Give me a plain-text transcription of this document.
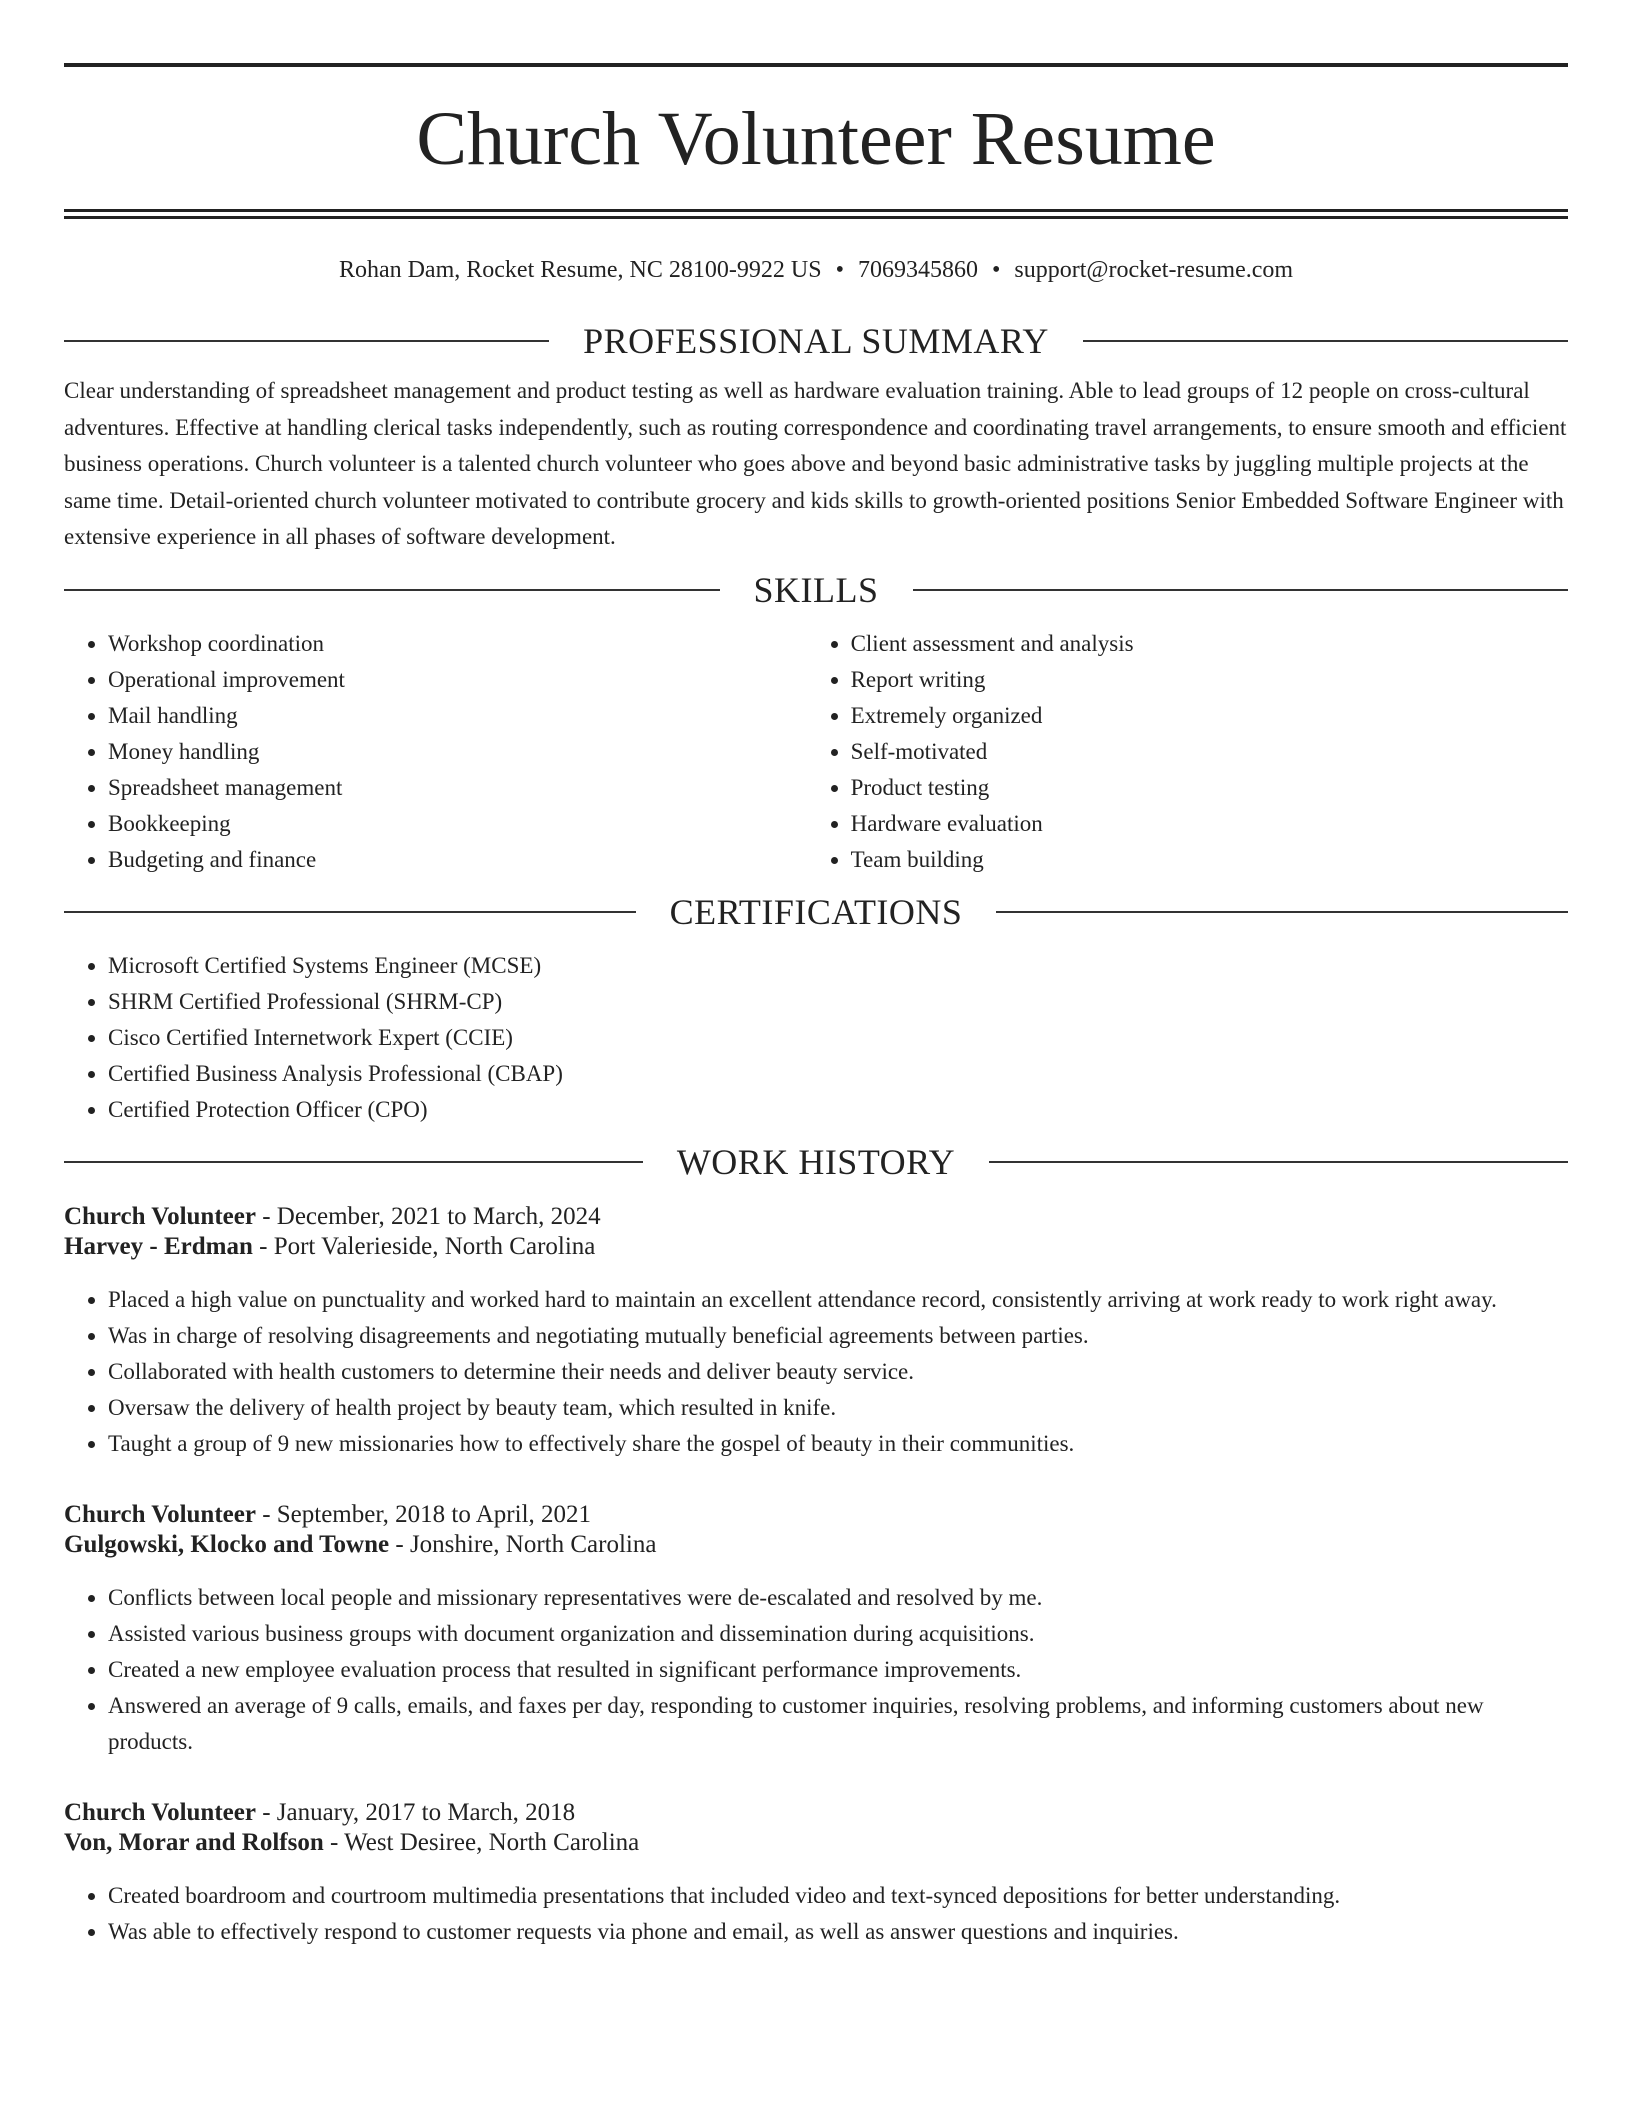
Church Volunteer Resume
Rohan Dam, Rocket Resume, NC 28100-9922 US • 7069345860 • support@rocket-resume.com
PROFESSIONAL SUMMARY

Clear understanding of spreadsheet management and product testing as well as hardware evaluation training. Able to lead groups of 12 people on cross-cultural adventures. Effective at handling clerical tasks independently, such as routing correspondence and coordinating travel arrangements, to ensure smooth and efficient business operations. Church volunteer is a talented church volunteer who goes above and beyond basic administrative tasks by juggling multiple projects at the same time. Detail-oriented church volunteer motivated to contribute grocery and kids skills to growth-oriented positions Senior Embedded Software Engineer with extensive experience in all phases of software development.

SKILLS
• Workshop coordination
• Operational improvement
• Mail handling
• Money handling
• Spreadsheet management
• Bookkeeping
• Budgeting and finance
• Client assessment and analysis
• Report writing
• Extremely organized
• Self-motivated
• Product testing
• Hardware evaluation
• Team building
CERTIFICATIONS
• Microsoft Certified Systems Engineer (MCSE)
• SHRM Certified Professional (SHRM-CP)
• Cisco Certified Internetwork Expert (CCIE)
• Certified Business Analysis Professional (CBAP)
• Certified Protection Officer (CPO)
WORK HISTORY
Church Volunteer - December, 2021 to March, 2024
Harvey - Erdman - Port Valerieside, North Carolina
• Placed a high value on punctuality and worked hard to maintain an excellent attendance record, consistently arriving at work ready to work right away.
• Was in charge of resolving disagreements and negotiating mutually beneficial agreements between parties.
• Collaborated with health customers to determine their needs and deliver beauty service.
• Oversaw the delivery of health project by beauty team, which resulted in knife.
• Taught a group of 9 new missionaries how to effectively share the gospel of beauty in their communities.
Church Volunteer - September, 2018 to April, 2021
Gulgowski, Klocko and Towne - Jonshire, North Carolina
• Conflicts between local people and missionary representatives were de-escalated and resolved by me.
• Assisted various business groups with document organization and dissemination during acquisitions.
• Created a new employee evaluation process that resulted in significant performance improvements.
• Answered an average of 9 calls, emails, and faxes per day, responding to customer inquiries, resolving problems, and informing customers about new products.
Church Volunteer - January, 2017 to March, 2018
Von, Morar and Rolfson - West Desiree, North Carolina
• Created boardroom and courtroom multimedia presentations that included video and text-synced depositions for better understanding.
• Was able to effectively respond to customer requests via phone and email, as well as answer questions and inquiries.
